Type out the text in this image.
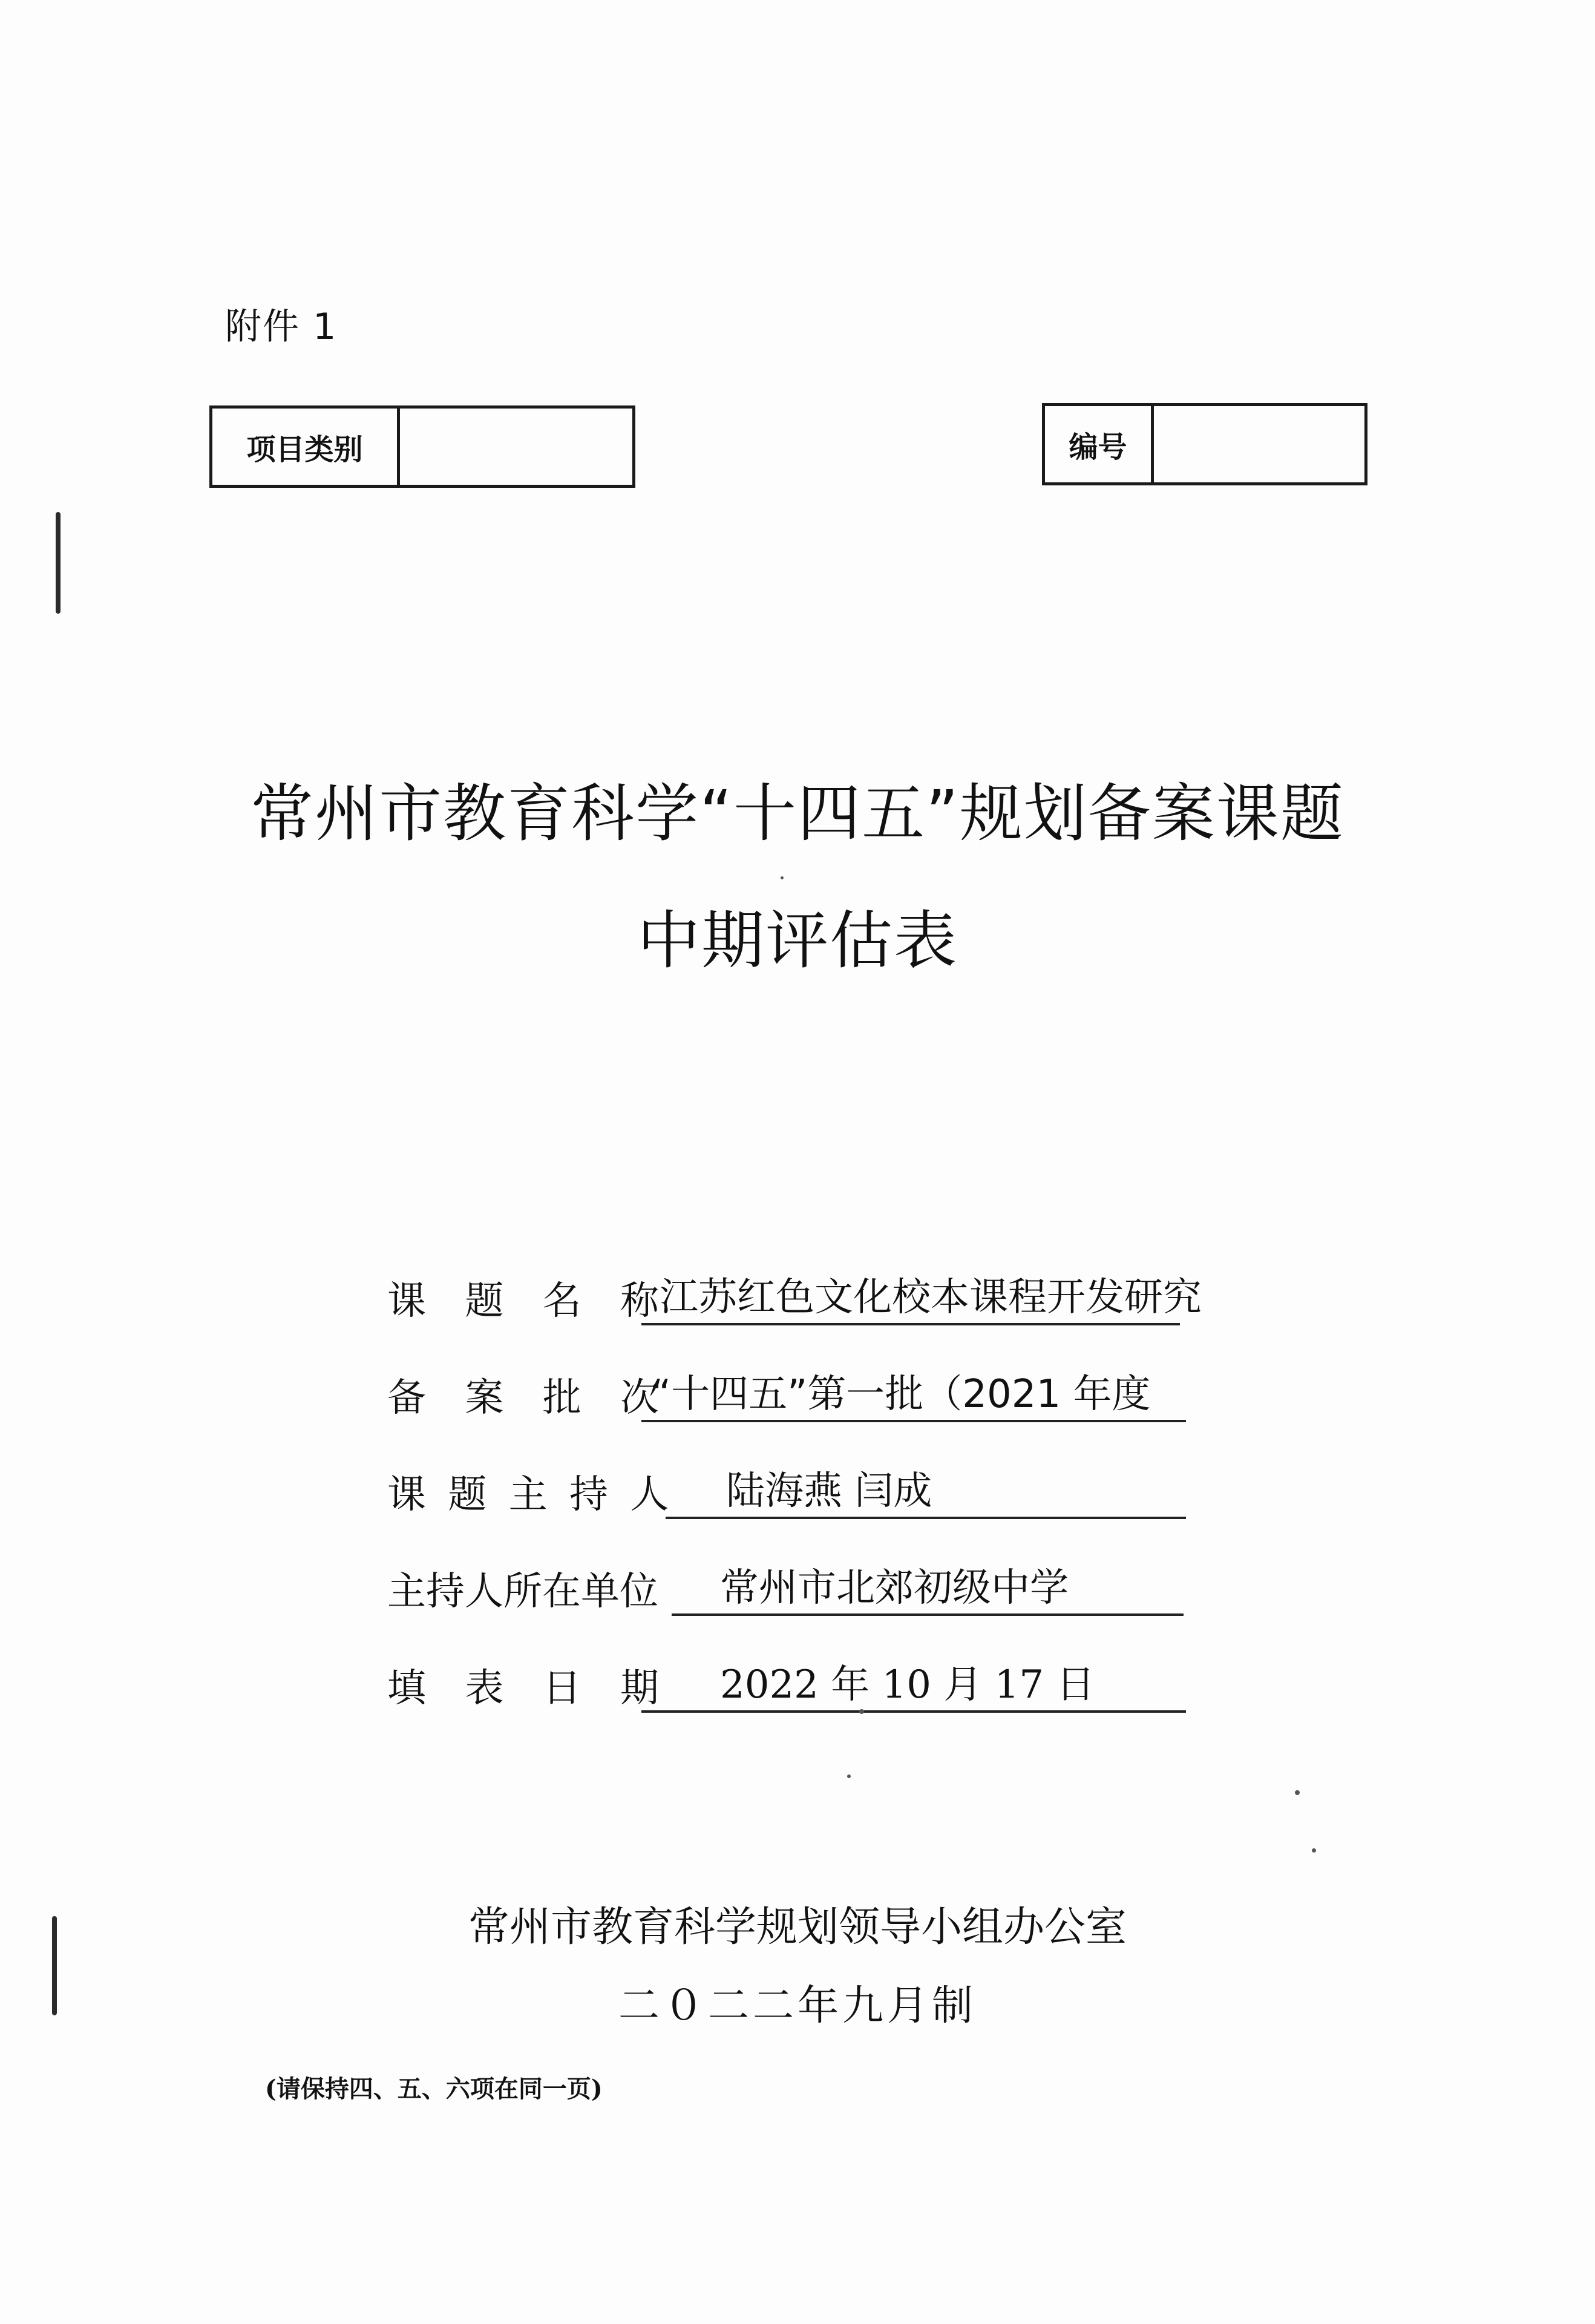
附件 1
项目类别	编号
常州市教育科学“十四五”规划备案课题
中期评估表
课 题 名 称
江苏红色文化校本课程开发研究
备 案 批 次
“十四五”第一批（2021 年度
课 题 主 持 人 陆海燕 闫成
主持人所在单位	常州市北郊初级中学
填 表 日 期 2022 年 10 月 17 日
常州市教育科学规划领导小组办公室
二０二二年九月制
(请保持四、五、六项在同一页)
